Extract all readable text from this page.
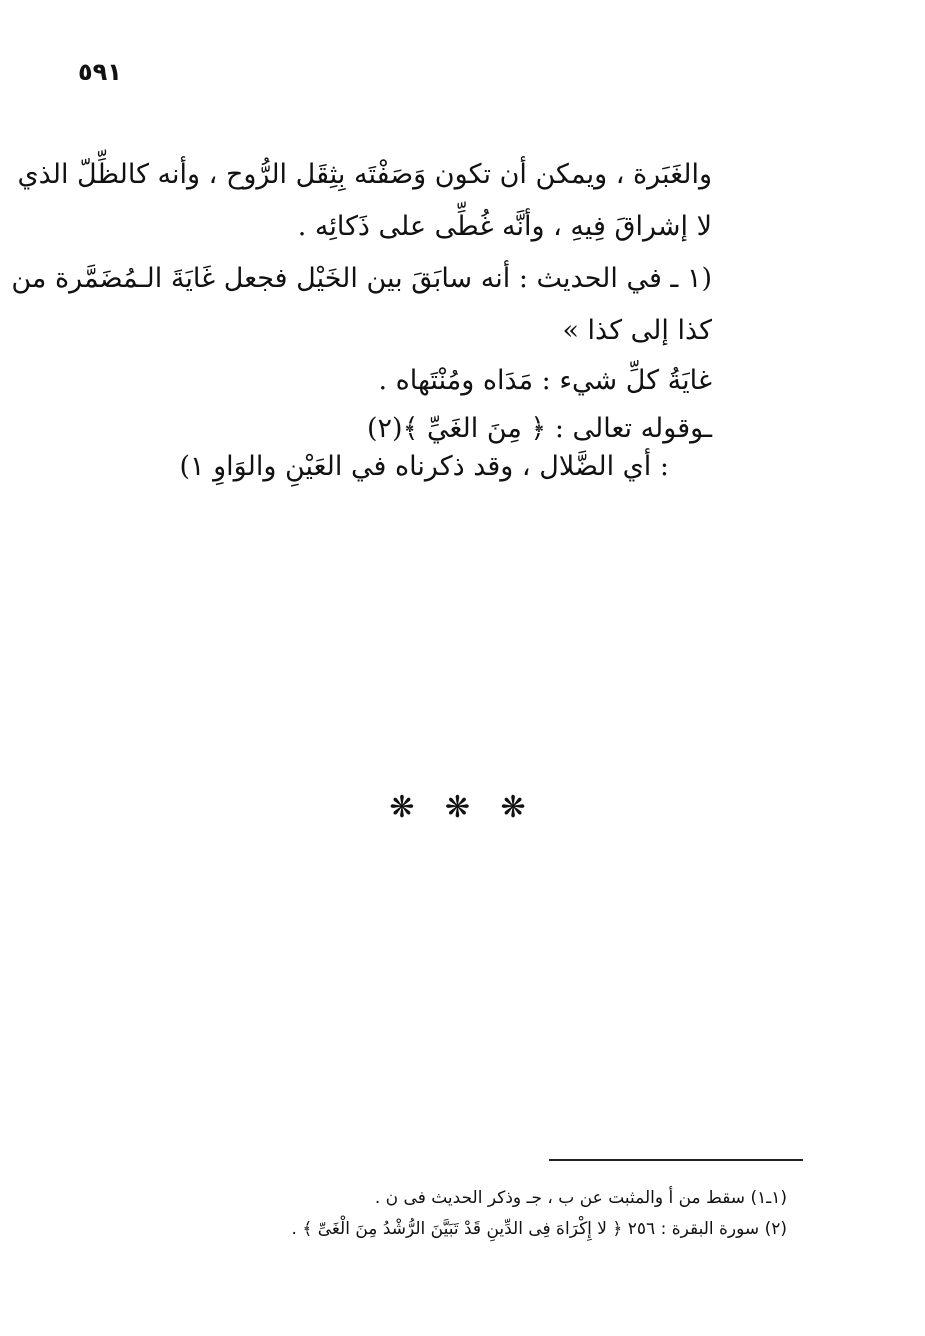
٥٩١
والغَبَرة ، ويمكن أن تكون وَصَفْتَه بِثِقَل الرُّوح ، وأنه كالظِّلّ الذي
لا إشراقَ فِيهِ ، وأنَّه غُطِّى على ذَكائِه .
(١ ـ في الحديث : أنه سابَقَ بين الخَيْل فجعل غَايَةَ الـمُضَمَّرة من
كذا إلى كذا »
غايَةُ كلِّ شيء : مَدَاه ومُنْتَهاه .
ـوقوله تعالى : ﴿ مِنَ الغَيِّ ﴾(٢)
: أي الضَّلال ، وقد ذكرناه في العَيْنِ والوَاوِ ١)
❋ ❋ ❋
(١ـ١) سقط من أ والمثبت عن ب ، جـ وذكر الحديث فى ن .
(٢) سورة البقرة : ٢٥٦ ﴿ لا إِكْرَاهَ فِى الدِّينِ قَدْ تَبَيَّنَ الرُّشْدُ مِنَ الْغَىِّ ﴾ .
